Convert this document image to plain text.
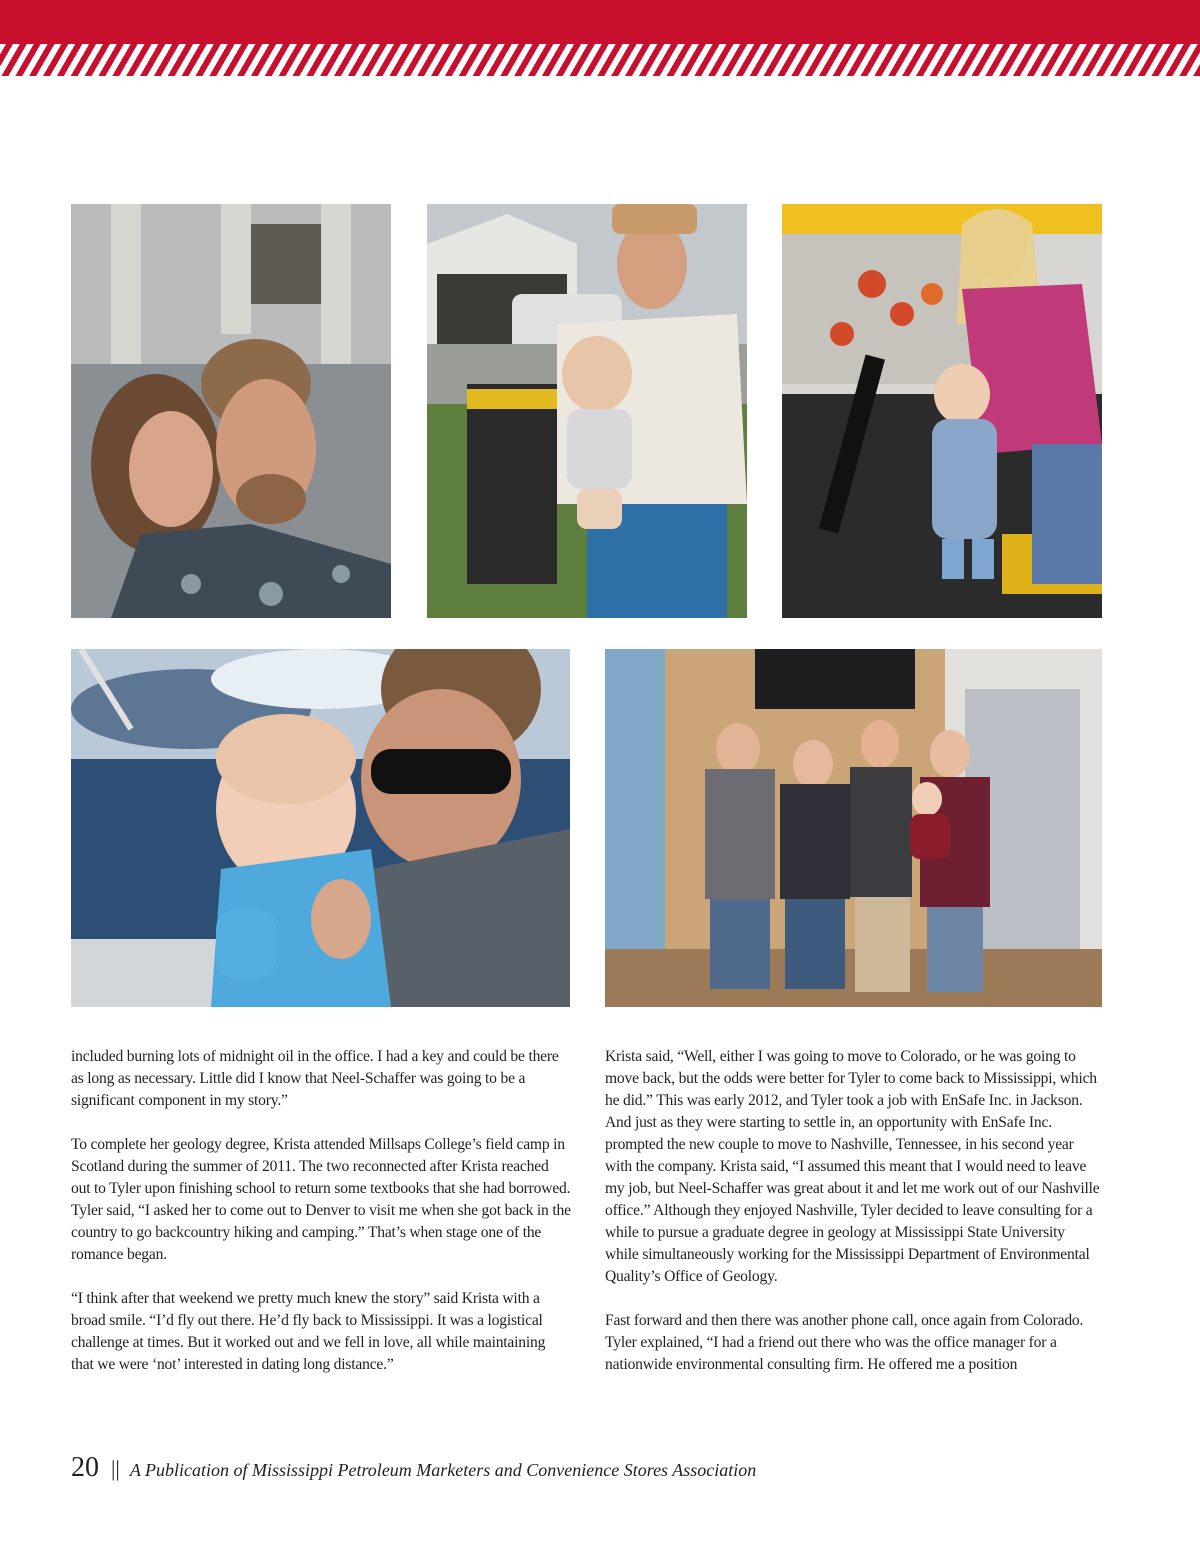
included burning lots of midnight oil in the office. I had a key and could be there as long as necessary. Little did I know that Neel-Schaffer was going to be a significant component in my story.”

To complete her geology degree, Krista attended Millsaps College’s field camp in Scotland during the summer of 2011. The two reconnected after Krista reached out to Tyler upon finishing school to return some textbooks that she had borrowed. Tyler said, “I asked her to come out to Denver to visit me when she got back in the country to go backcountry hiking and camping.” That’s when stage one of the romance began.

“I think after that weekend we pretty much knew the story” said Krista with a broad smile. “I’d fly out there. He’d fly back to Mississippi. It was a logistical challenge at times. But it worked out and we fell in love, all while maintaining that we were ‘not’ interested in dating long distance.”

Krista said, “Well, either I was going to move to Colorado, or he was going to move back, but the odds were better for Tyler to come back to Mississippi, which he did.” This was early 2012, and Tyler took a job with EnSafe Inc. in Jackson. And just as they were starting to settle in, an opportunity with EnSafe Inc. prompted the new couple to move to Nashville, Tennessee, in his second year with the company. Krista said, “I assumed this meant that I would need to leave my job, but Neel-Schaffer was great about it and let me work out of our Nashville office.” Although they enjoyed Nashville, Tyler decided to leave consulting for a while to pursue a graduate degree in geology at Mississippi State University while simultaneously working for the Mississippi Department of Environmental Quality’s Office of Geology.

Fast forward and then there was another phone call, once again from Colorado. Tyler explained, “I had a friend out there who was the office manager for a nationwide environmental consulting firm. He offered me a position

20 || A Publication of Mississippi Petroleum Marketers and Convenience Stores Association
